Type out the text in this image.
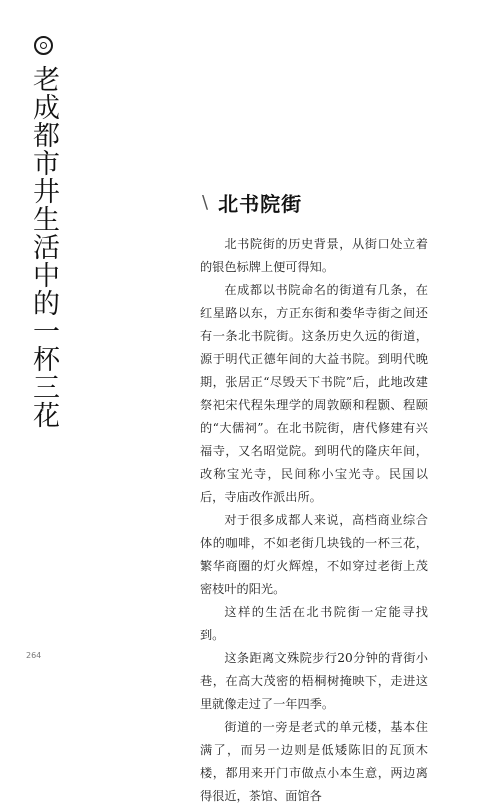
老成都市井生活中的一杯三花	\ 北书院街

北书院街的历史背景，从街口处立着的银色标牌上便可得知。

在成都以书院命名的街道有几条，在红星路以东，方正东街和娄华寺街之间还有一条北书院街。这条历史久远的街道，源于明代正德年间的大益书院。到明代晚期，张居正“尽毁天下书院”后，此地改建祭祀宋代程朱理学的周敦颐和程颢、程颐的“大儒祠”。在北书院街，唐代修建有兴福寺，又名昭觉院。到明代的隆庆年间，改称宝光寺，民间称小宝光寺。民国以后，寺庙改作派出所。

对于很多成都人来说，高档商业综合体的咖啡，不如老街几块钱的一杯三花，繁华商圈的灯火辉煌，不如穿过老街上茂密枝叶的阳光。

这样的生活在北书院街一定能寻找到。

这条距离文殊院步行20分钟的背街小巷，在高大茂密的梧桐树掩映下，走进这里就像走过了一年四季。

街道的一旁是老式的单元楼，基本住满了，而另一边则是低矮陈旧的瓦顶木楼，都用来开门市做点小本生意，两边离得很近，茶馆、面馆各

264
